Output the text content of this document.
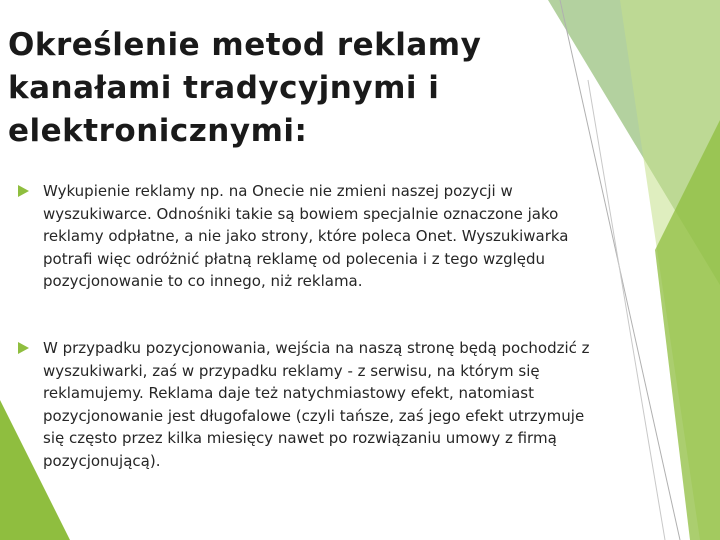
Określenie metod reklamy kanałami tradycyjnymi i elektronicznymi:
Wykupienie reklamy np. na Onecie nie zmieni naszej pozycji w wyszukiwarce. Odnośniki takie są bowiem specjalnie oznaczone jako reklamy odpłatne, a nie jako strony, które poleca Onet. Wyszukiwarka potrafi więc odróżnić płatną reklamę od polecenia i z tego względu pozycjonowanie to co innego, niż reklama.
W przypadku pozycjonowania, wejścia na naszą stronę będą pochodzić z wyszukiwarki, zaś w przypadku reklamy - z serwisu, na którym się reklamujemy. Reklama daje też natychmiastowy efekt, natomiast pozycjonowanie jest długofalowe (czyli tańsze, zaś jego efekt utrzymuje się często przez kilka miesięcy nawet po rozwiązaniu umowy z firmą pozycjonującą).
